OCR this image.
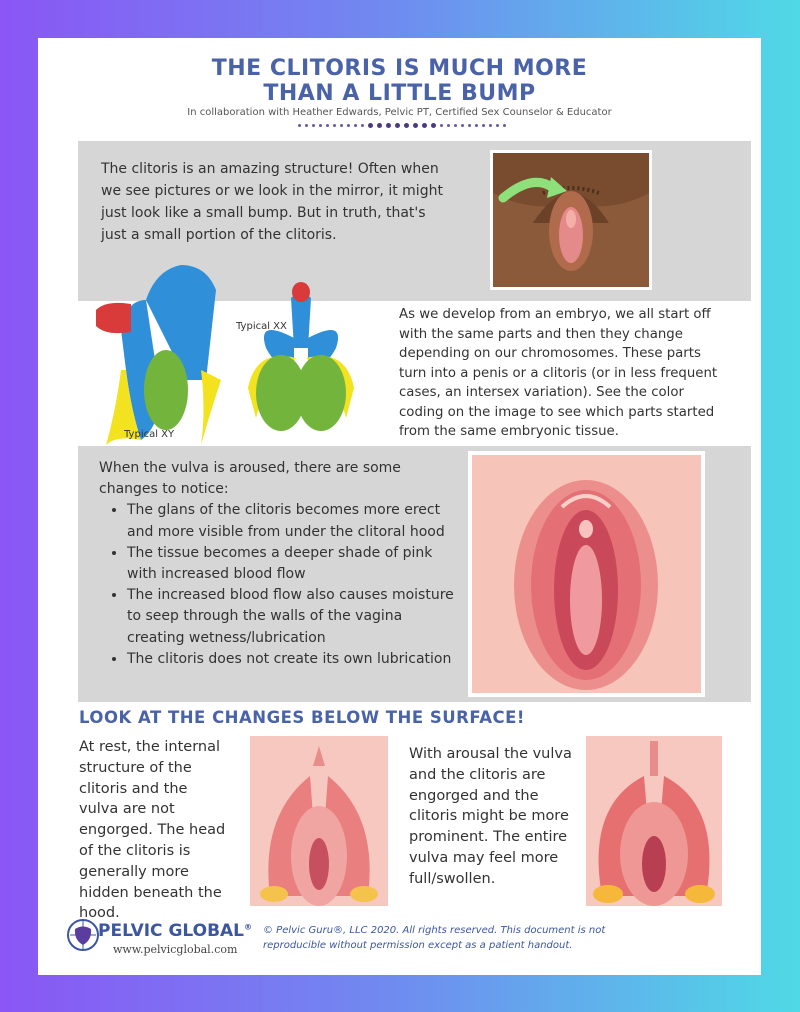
THE CLITORIS IS MUCH MORE
THAN A LITTLE BUMP
In collaboration with Heather Edwards, Pelvic PT, Certified Sex Counselor & Educator
The clitoris is an amazing structure! Often when we see pictures or we look in the mirror, it might just look like a small bump. But in truth, that's just a small portion of the clitoris.
Typical XY
Typical XX
As we develop from an embryo, we all start off with the same parts and then they change depending on our chromosomes. These parts turn into a penis or a clitoris (or in less frequent cases, an intersex variation). See the color coding on the image to see which parts started from the same embryonic tissue.
When the vulva is aroused, there are some changes to notice:
• The glans of the clitoris becomes more erect and more visible from under the clitoral hood
• The tissue becomes a deeper shade of pink with increased blood flow
• The increased blood flow also causes moisture to seep through the walls of the vagina creating wetness/lubrication
• The clitoris does not create its own lubrication
LOOK AT THE CHANGES BELOW THE SURFACE!
At rest, the internal structure of the clitoris and the vulva are not engorged. The head of the clitoris is generally more hidden beneath the hood.
With arousal the vulva and the clitoris are engorged and the clitoris might be more prominent. The entire vulva may feel more full/swollen.
PELVIC GLOBAL®
www.pelvicglobal.com
© Pelvic Guru®, LLC 2020. All rights reserved. This document is not reproducible without permission except as a patient handout.
